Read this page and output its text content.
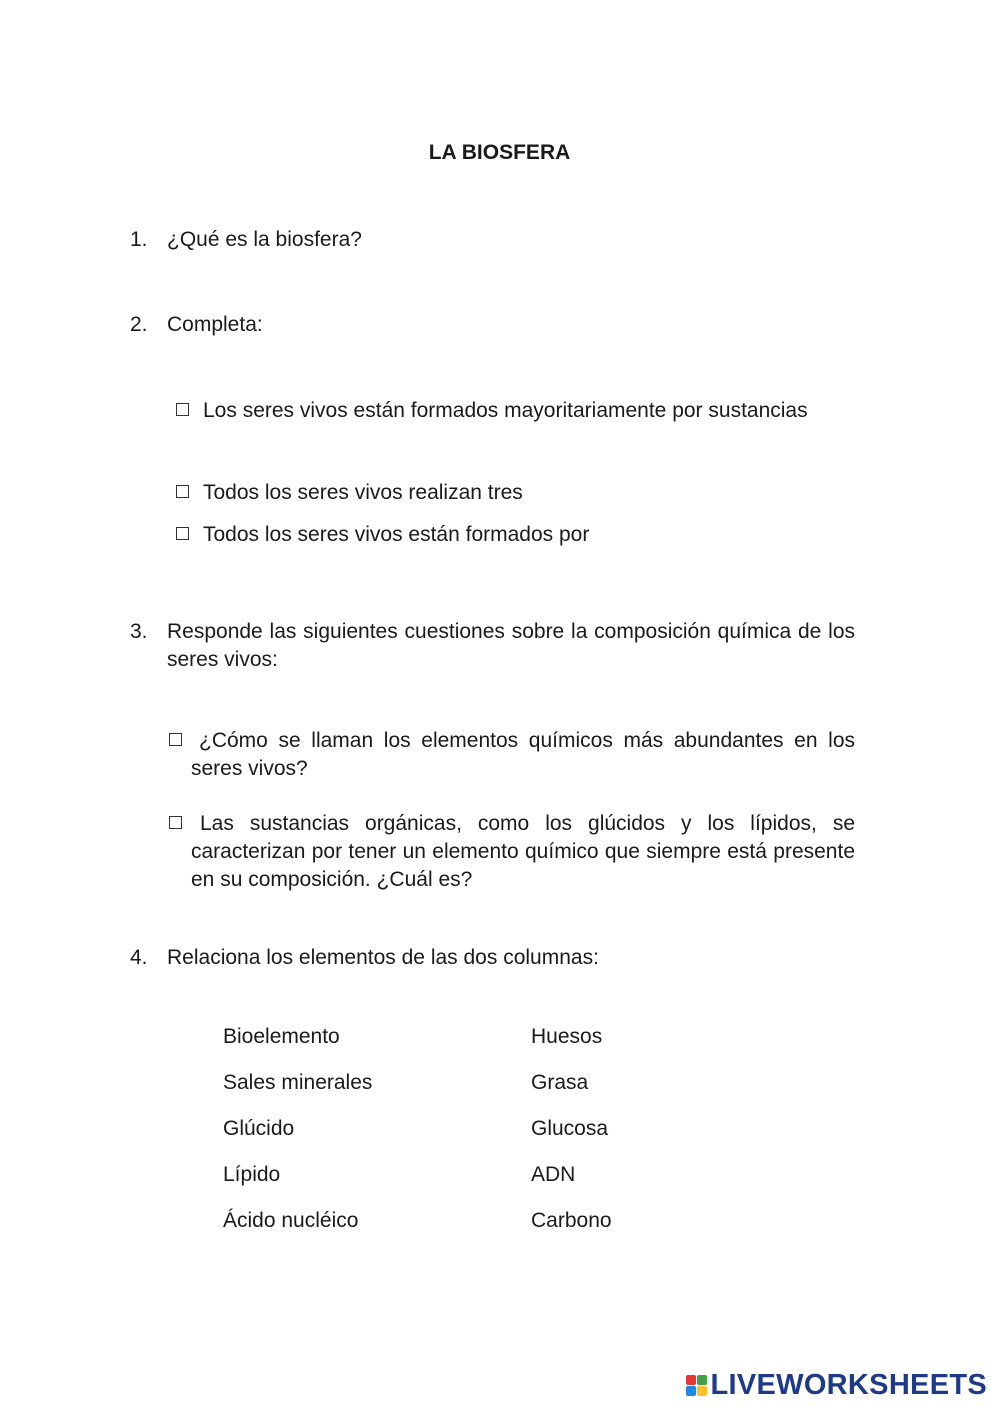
LA BIOSFERA
1. ¿Qué es la biosfera?
2. Completa:
Los seres vivos están formados mayoritariamente por sustancias
Todos los seres vivos realizan tres
Todos los seres vivos están formados por
3. Responde las siguientes cuestiones sobre la composición química de los seres vivos:
¿Cómo se llaman los elementos químicos más abundantes en los seres vivos?
Las sustancias orgánicas, como los glúcidos y los lípidos, se caracterizan por tener un elemento químico que siempre está presente en su composición. ¿Cuál es?
4. Relaciona los elementos de las dos columnas:
Bioelemento
Sales minerales
Glúcido
Lípido
Ácido nucléico
Huesos
Grasa
Glucosa
ADN
Carbono
LIVEWORKSHEETS
